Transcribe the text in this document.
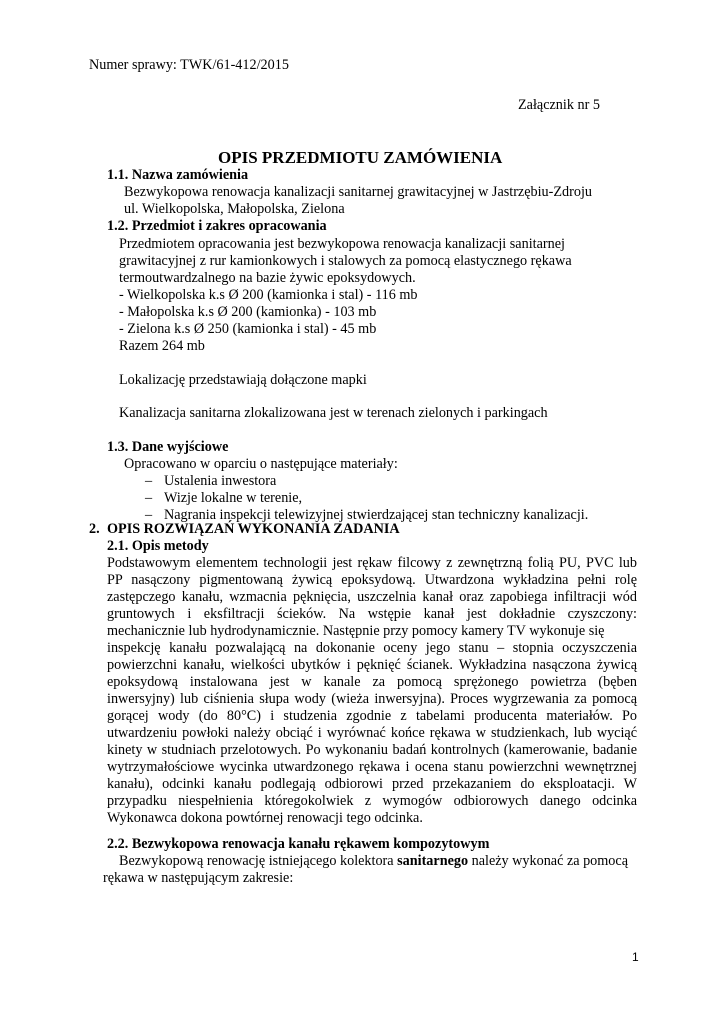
Numer sprawy: TWK/61-412/2015
Załącznik nr 5
OPIS PRZEDMIOTU ZAMÓWIENIA
1.1. Nazwa zamówienia
Bezwykopowa renowacja kanalizacji sanitarnej grawitacyjnej w Jastrzębiu-Zdroju
ul. Wielkopolska, Małopolska, Zielona
1.2. Przedmiot i zakres opracowania
Przedmiotem opracowania jest bezwykopowa renowacja kanalizacji sanitarnej
grawitacyjnej z rur kamionkowych i stalowych za pomocą elastycznego rękawa
termoutwardzalnego na bazie żywic epoksydowych.
- Wielkopolska k.s Ø 200 (kamionka i stal) - 116 mb
- Małopolska k.s Ø 200 (kamionka) - 103 mb
- Zielona k.s Ø 250 (kamionka i stal) - 45 mb
Razem 264 mb
Lokalizację przedstawiają dołączone mapki
Kanalizacja sanitarna zlokalizowana jest w terenach zielonych i parkingach
1.3. Dane wyjściowe
Opracowano w oparciu o następujące materiały:
– Ustalenia inwestora
– Wizje lokalne w terenie,
– Nagrania inspekcji telewizyjnej stwierdzającej stan techniczny kanalizacji.
2. OPIS ROZWIĄZAŃ WYKONANIA ZADANIA
2.1. Opis metody
Podstawowym elementem technologii jest rękaw filcowy z zewnętrzną folią PU, PVC lub
PP nasączony pigmentowaną żywicą epoksydową. Utwardzona wykładzina pełni rolę
zastępczego kanału, wzmacnia pęknięcia, uszczelnia kanał oraz zapobiega infiltracji wód
gruntowych i eksfiltracji ścieków. Na wstępie kanał jest dokładnie czyszczony:
mechanicznie lub hydrodynamicznie. Następnie przy pomocy kamery TV wykonuje się
inspekcję kanału pozwalającą na dokonanie oceny jego stanu – stopnia oczyszczenia
powierzchni kanału, wielkości ubytków i pęknięć ścianek. Wykładzina nasączona żywicą
epoksydową instalowana jest w kanale za pomocą sprężonego powietrza (bęben
inwersyjny) lub ciśnienia słupa wody (wieża inwersyjna). Proces wygrzewania za pomocą
gorącej wody (do 80°C) i studzenia zgodnie z tabelami producenta materiałów. Po
utwardzeniu powłoki należy obciąć i wyrównać końce rękawa w studzienkach, lub wyciąć
kinety w studniach przelotowych. Po wykonaniu badań kontrolnych (kamerowanie, badanie
wytrzymałościowe wycinka utwardzonego rękawa i ocena stanu powierzchni wewnętrznej
kanału), odcinki kanału podlegają odbiorowi przed przekazaniem do eksploatacji. W
przypadku niespełnienia któregokolwiek z wymogów odbiorowych danego odcinka
Wykonawca dokona powtórnej renowacji tego odcinka.
2.2. Bezwykopowa renowacja kanału rękawem kompozytowym
Bezwykopową renowację istniejącego kolektora sanitarnego należy wykonać za pomocą
rękawa w następującym zakresie:
1
